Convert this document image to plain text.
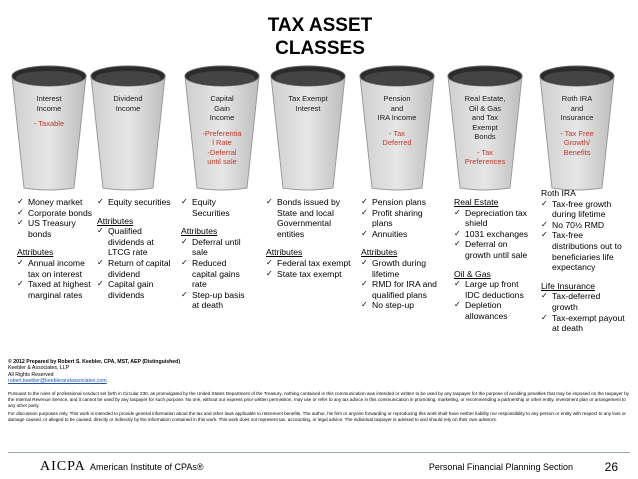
TAX ASSET
CLASSES
Interest
Income
- Taxable
Dividend
Income
Capital
Gain
Income
-Preferentia
l Rate
-Deferral
until sale
Tax Exempt
Interest
Pension
and
IRA Income
- Tax
Deferred
Real Estate,
Oil & Gas
and Tax
Exempt
Bonds
- Tax
Preferences
Roth IRA
and
Insurance
- Tax Free
Growth/
Benefits
✓ Money market
✓ Corporate bonds
✓ US Treasury bonds
Attributes
✓ Annual income tax on interest
✓ Taxed at highest marginal rates
✓ Equity securities
Attributes
✓ Qualified dividends at LTCG rate
✓ Return of capital dividend
✓ Capital gain dividends
✓ Equity Securities
Attributes
✓ Deferral until sale
✓ Reduced capital gains rate
✓ Step-up basis at death
✓ Bonds issued by State and local Governmental entities
Attributes
✓ Federal tax exempt
✓ State tax exempt
✓ Pension plans
✓ Profit sharing plans
✓ Annuities
Attributes
✓ Growth during lifetime
✓ RMD for IRA and qualified plans
✓ No step-up
Real Estate
✓ Depreciation tax shield
✓ 1031 exchanges
✓ Deferral on growth until sale
Oil & Gas
✓ Large up front IDC deductions
✓ Depletion allowances
Roth IRA
✓ Tax-free growth during lifetime
✓ No 70½ RMD
✓ Tax-free distributions out to beneficiaries life expectancy
Life Insurance
✓ Tax-deferred growth
✓ Tax-exempt payout at death
© 2012 Prepared by Robert S. Keebler, CPA, MST, AEP (Distinguished)
Keebler & Associates, LLP
All Rights Reserved
robert.keebler@keeblerandassociates.com

Pursuant to the rules of professional conduct set forth in Circular 230, as promulgated by the United States Department of the Treasury, nothing contained in this communication was intended or written to be used by any taxpayer for the purpose of avoiding penalties that may be imposed on the taxpayer by the Internal Revenue Service, and it cannot be used by any taxpayer for such purpose. No one, without our express prior written permission, may use or refer to any tax advice in this communication in promoting, marketing, or recommending a partnership or other entity, investment plan or arrangement to any other party.

For discussion purposes only. This work is intended to provide general information about the tax and other laws applicable to retirement benefits. The author, his firm or anyone forwarding or reproducing this work shall have neither liability nor responsibility to any person or entity with respect to any loss or damage caused, or alleged to be caused, directly or indirectly by the information contained in this work. This work does not represent tax, accounting, or legal advice. The individual taxpayer is advised to and should rely on their own advisors.

AICPA American Institute of CPAs®	Personal Financial Planning Section	26
